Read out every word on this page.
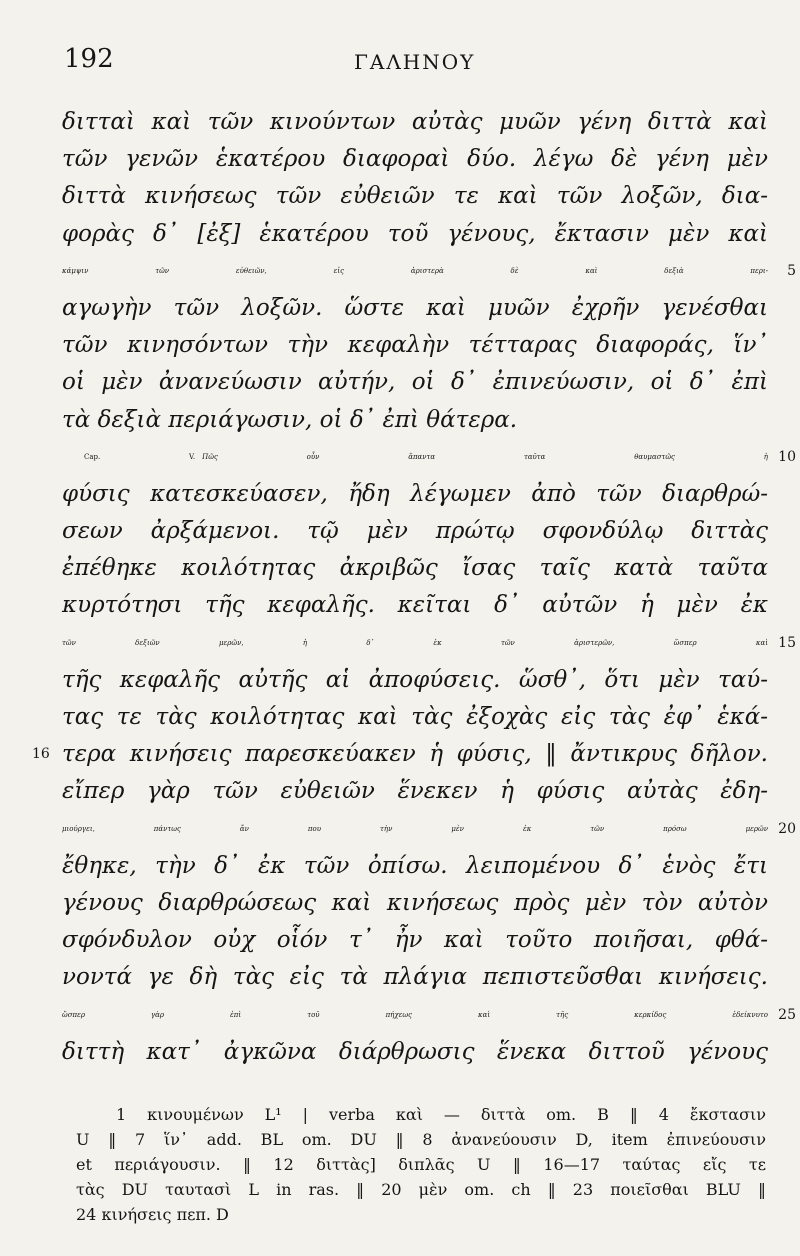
192	ΓΑΛΗΝΟΥ
διτταὶ καὶ τῶν κινούντων αὐτὰς μυῶν γένη διττὰ καὶ
τῶν γενῶν ἑκατέρου διαφοραὶ δύο. λέγω δὲ γένη μὲν
διττὰ κινήσεως τῶν εὐθειῶν τε καὶ τῶν λοξῶν, δια-
φορὰς δ᾽ [ἐξ] ἑκατέρου τοῦ γένους, ἔκτασιν μὲν καὶ
κάμψιν τῶν εὐθειῶν, εἰς ἀριστερὰ δὲ καὶ δεξιὰ περι- 5
αγωγὴν τῶν λοξῶν. ὥστε καὶ μυῶν ἐχρῆν γενέσθαι
τῶν κινησόντων τὴν κεφαλὴν τέτταρας διαφοράς, ἵν᾽
οἱ μὲν ἀνανεύωσιν αὐτήν, οἱ δ᾽ ἐπινεύωσιν, οἱ δ᾽ ἐπὶ
τὰ δεξιὰ περιάγωσιν, οἱ δ᾽ ἐπὶ θάτερα.
Cap. V.  Πῶς οὖν ἅπαντα ταῦτα θαυμαστῶς ἡ 10
φύσις κατεσκεύασεν, ἤδη λέγωμεν ἀπὸ τῶν διαρθρώ-
σεων ἀρξάμενοι. τῷ μὲν πρώτῳ σφονδύλῳ διττὰς
ἐπέθηκε κοιλότητας ἀκριβῶς ἴσας ταῖς κατὰ ταῦτα
κυρτότησι τῆς κεφαλῆς. κεῖται δ᾽ αὐτῶν ἡ μὲν ἐκ
τῶν δεξιῶν μερῶν, ἡ δ᾽ ἐκ τῶν ἀριστερῶν, ὥσπερ καὶ 15
τῆς κεφαλῆς αὐτῆς αἱ ἀποφύσεις. ὥσθ᾽, ὅτι μὲν ταύ-
τας τε τὰς κοιλότητας καὶ τὰς ἐξοχὰς εἰς τὰς ἐφ᾽ ἑκά-
τερα κινήσεις παρεσκεύακεν ἡ φύσις, ‖ ἄντικρυς δῆλον.
16
εἴπερ γὰρ τῶν εὐθειῶν ἕνεκεν ἡ φύσις αὐτὰς ἐδη-
μιούργει, πάντως ἄν που τὴν μὲν ἐκ τῶν πρόσω μερῶν 20
ἔθηκε, τὴν δ᾽ ἐκ τῶν ὀπίσω. λειπομένου δ᾽ ἑνὸς ἔτι
γένους διαρθρώσεως καὶ κινήσεως πρὸς μὲν τὸν αὐτὸν
σφόνδυλον οὐχ οἷόν τ᾽ ἦν καὶ τοῦτο ποιῆσαι, φθά-
νοντά γε δὴ τὰς εἰς τὰ πλάγια πεπιστεῦσθαι κινήσεις.
ὥσπερ γὰρ ἐπὶ τοῦ πήχεως καὶ τῆς κερκίδος ἐδείκνυτο 25
διττὴ κατ᾽ ἀγκῶνα διάρθρωσις ἕνεκα διττοῦ γένους
1 κινουμένων L¹ | verba καὶ — διττὰ om. B ‖ 4 ἔκστασιν
U ‖ 7 ἵν᾽ add. BL om. DU ‖ 8 ἀνανεύουσιν D, item ἐπινεύουσιν
et περιάγουσιν. ‖ 12 διττὰς] διπλᾶς U ‖ 16—17 ταύτας εἴς τε
τὰς DU ταυτασὶ L in ras. ‖ 20 μὲν om. ch ‖ 23 ποιεῖσθαι BLU ‖
24 κινήσεις πεπ. D
